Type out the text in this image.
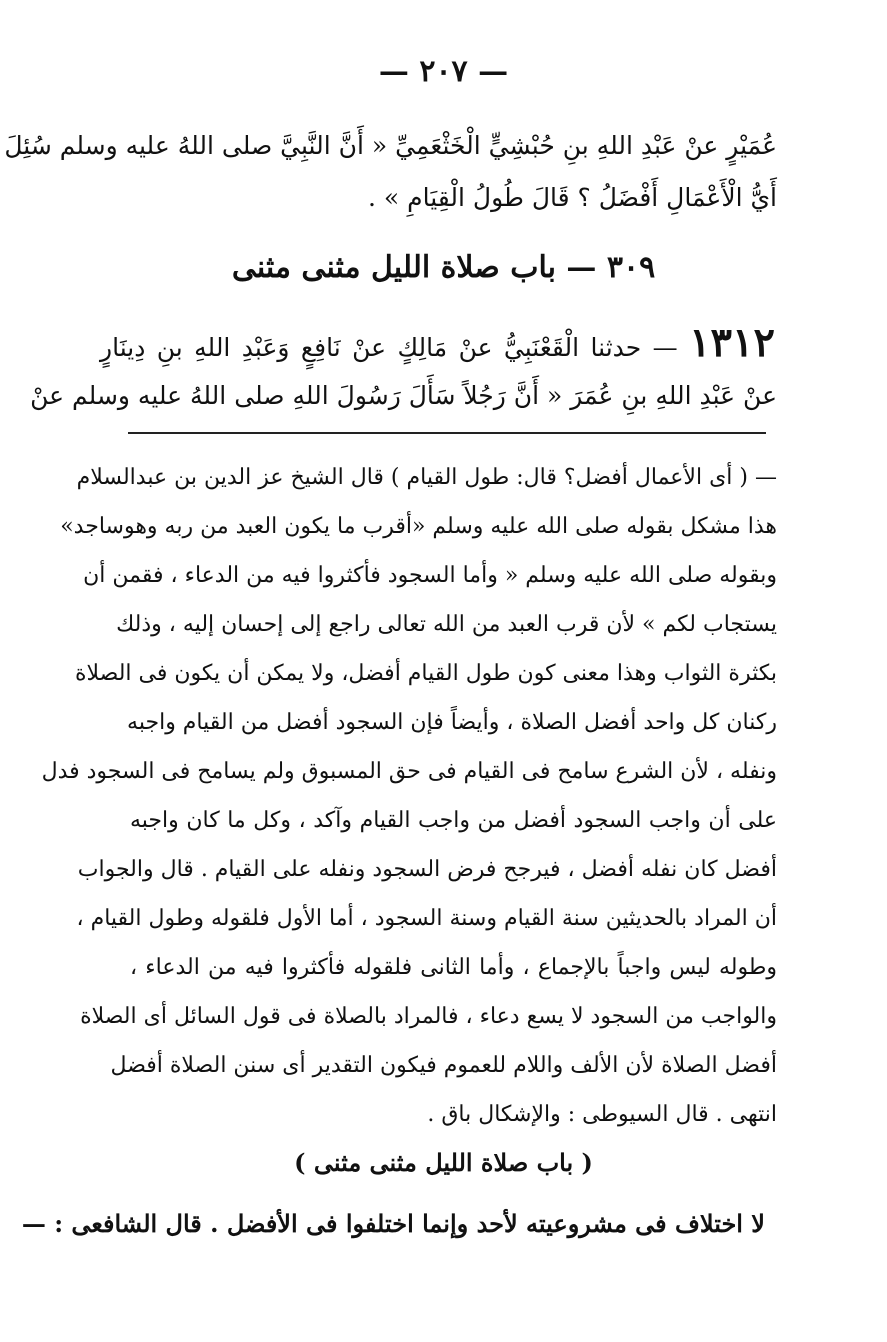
— ٢٠٧ —
عُمَيْرٍ عنْ عَبْدِ اللهِ بنِ حُبْشِيٍّ الْخَثْعَمِيِّ « أَنَّ النَّبِيَّ صلى اللهُ عليه وسلم سُئِلَ
أَيُّ الْأَعْمَالِ أَفْضَلُ ؟ قَالَ طُولُ الْقِيَامِ » .
٣٠٩ — باب صلاة الليل مثنى مثنى
١٣١٢ — حدثنا الْقَعْنَبِيُّ عنْ مَالِكٍ عنْ نَافِعٍ وَعَبْدِ اللهِ بنِ دِينَارٍ
عنْ عَبْدِ اللهِ بنِ عُمَرَ « أَنَّ رَجُلاً سَأَلَ رَسُولَ اللهِ صلى اللهُ عليه وسلم عنْ
— ( أى الأعمال أفضل؟ قال: طول القيام ) قال الشيخ عز الدين بن عبدالسلام
هذا مشكل بقوله صلى الله عليه وسلم «أقرب ما يكون العبد من ربه وهوساجد»
وبقوله صلى الله عليه وسلم « وأما السجود فأكثروا فيه من الدعاء ، فقمن أن
يستجاب لكم » لأن قرب العبد من الله تعالى راجع إلى إحسان إليه ، وذلك
بكثرة الثواب وهذا معنى كون طول القيام أفضل، ولا يمكن أن يكون فى الصلاة
ركنان كل واحد أفضل الصلاة ، وأيضاً فإن السجود أفضل من القيام واجبه
ونفله ، لأن الشرع سامح فى القيام فى حق المسبوق ولم يسامح فى السجود فدل
على أن واجب السجود أفضل من واجب القيام وآكد ، وكل ما كان واجبه
أفضل كان نفله أفضل ، فيرجح فرض السجود ونفله على القيام . قال والجواب
أن المراد بالحديثين سنة القيام وسنة السجود ، أما الأول فلقوله وطول القيام ،
وطوله ليس واجباً بالإجماع ، وأما الثانى فلقوله فأكثروا فيه من الدعاء ،
والواجب من السجود لا يسع دعاء ، فالمراد بالصلاة فى قول السائل أى الصلاة
أفضل الصلاة لأن الألف واللام للعموم فيكون التقدير أى سنن الصلاة أفضل
انتهى . قال السيوطى : والإشكال باق .
( باب صلاة الليل مثنى مثنى )
لا اختلاف فى مشروعيته لأحد وإنما اختلفوا فى الأفضل . قال الشافعى : —
